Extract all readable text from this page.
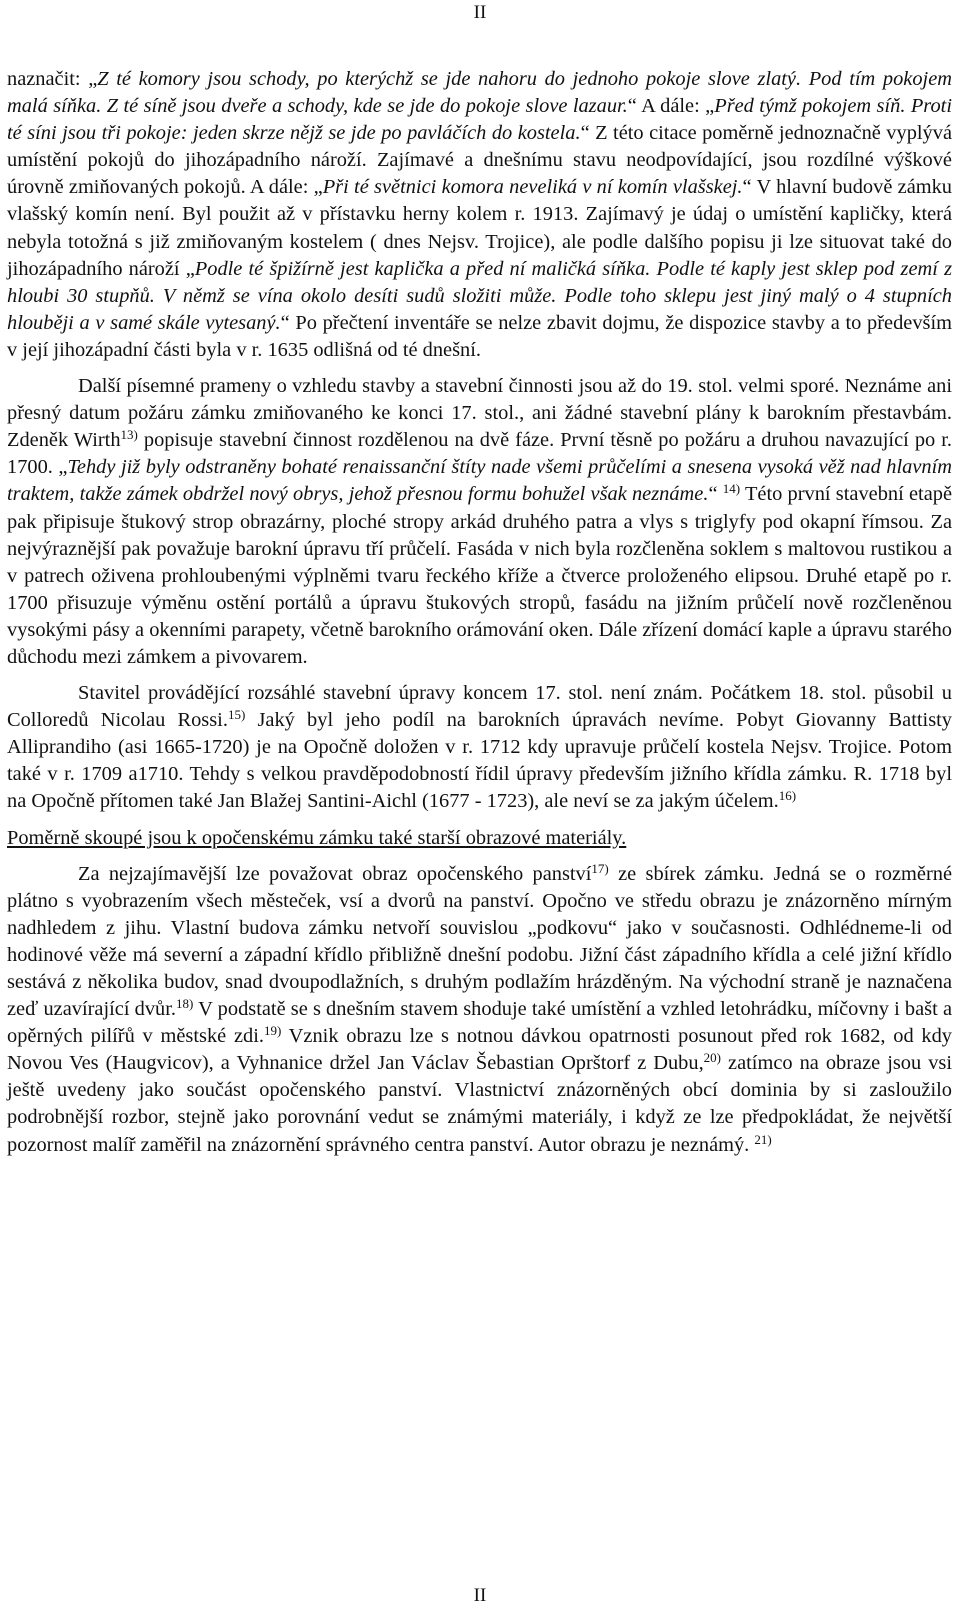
II

naznačit: „Z té komory jsou schody, po kterýchž se jde nahoru do jednoho pokoje slove zlatý. Pod tím pokojem malá síňka. Z té síně jsou dveře a schody, kde se jde do pokoje slove lazaur.“ A dále: „Před týmž pokojem síň. Proti té síni jsou tři pokoje: jeden skrze nějž se jde po pavláčích do kostela.“ Z této citace poměrně jednoznačně vyplývá umístění pokojů do jihozápadního nároží. Zajímavé a dnešnímu stavu neodpovídající, jsou rozdílné výškové úrovně zmiňovaných pokojů. A dále: „Při té světnici komora neveliká v ní komín vlašskej.“ V hlavní budově zámku vlašský komín není. Byl použit až v přístavku herny kolem r. 1913. Zajímavý je údaj o umístění kapličky, která nebyla totožná s již zmiňovaným kostelem ( dnes Nejsv. Trojice), ale podle dalšího popisu ji lze situovat také do jihozápadního nároží „Podle té špižírně jest kaplička a před ní maličká síňka. Podle té kaply jest sklep pod zemí z hloubi 30 stupňů. V němž se vína okolo desíti sudů složiti může. Podle toho sklepu jest jiný malý o 4 stupních hlouběji a v samé skále vytesaný.“ Po přečtení inventáře se nelze zbavit dojmu, že dispozice stavby a to především v její jihozápadní části byla v r. 1635 odlišná od té dnešní.

Další písemné prameny o vzhledu stavby a stavební činnosti jsou až do 19. stol. velmi sporé. Neznáme ani přesný datum požáru zámku zmiňovaného ke konci 17. stol., ani žádné stavební plány k barokním přestavbám. Zdeněk Wirth$^{13)}$ popisuje stavební činnost rozdělenou na dvě fáze. První těsně po požáru a druhou navazující po r. 1700. „Tehdy již byly odstraněny bohaté renaissanční štíty nade všemi průčelími a snesena vysoká věž nad hlavním traktem, takže zámek obdržel nový obrys, jehož přesnou formu bohužel však neznáme.“ $^{14)}$ Této první stavební etapě pak připisuje štukový strop obrazárny, ploché stropy arkád druhého patra a vlys s triglyfy pod okapní římsou. Za nejvýraznější pak považuje barokní úpravu tří průčelí. Fasáda v nich byla rozčleněna soklem s maltovou rustikou a v patrech oživena prohloubenými výplněmi tvaru řeckého kříže a čtverce proloženého elipsou. Druhé etapě po r. 1700 přisuzuje výměnu ostění portálů a úpravu štukových stropů, fasádu na jižním průčelí nově rozčleněnou vysokými pásy a okenními parapety, včetně barokního orámování oken. Dále zřízení domácí kaple a úpravu starého důchodu mezi zámkem a pivovarem.

Stavitel provádějící rozsáhlé stavební úpravy koncem 17. stol. není znám. Počátkem 18. stol. působil u Colloredů Nicolau Rossi.$^{15)}$ Jaký byl jeho podíl na barokních úpravách nevíme. Pobyt Giovanny Battisty Alliprandiho (asi 1665-1720) je na Opočně doložen v r. 1712 kdy upravuje průčelí kostela Nejsv. Trojice. Potom také v r. 1709 a1710. Tehdy s velkou pravděpodobností řídil úpravy především jižního křídla zámku. R. 1718 byl na Opočně přítomen také Jan Blažej Santini-Aichl (1677 - 1723), ale neví se za jakým účelem.$^{16)}$

Poměrně skoupé jsou k opočenskému zámku také starší obrazové materiály.

Za nejzajímavější lze považovat obraz opočenského panství$^{17)}$ ze sbírek zámku. Jedná se o rozměrné plátno s vyobrazením všech městeček, vsí a dvorů na panství. Opočno ve středu obrazu je znázorněno mírným nadhledem z jihu. Vlastní budova zámku netvoří souvislou „podkovu“ jako v současnosti. Odhlédneme-li od hodinové věže má severní a západní křídlo přibližně dnešní podobu. Jižní část západního křídla a celé jižní křídlo sestává z několika budov, snad dvoupodlažních, s druhým podlažím hrázděným. Na východní straně je naznačena zeď uzavírající dvůr.$^{18)}$ V podstatě se s dnešním stavem shoduje také umístění a vzhled letohrádku, míčovny i bašt a opěrných pilířů v městské zdi.$^{19)}$ Vznik obrazu lze s notnou dávkou opatrnosti posunout před rok 1682, od kdy Novou Ves (Haugvicov), a Vyhnanice držel Jan Václav Šebastian Oprštorf z Dubu,$^{20)}$ zatímco na obraze jsou vsi ještě uvedeny jako součást opočenského panství. Vlastnictví znázorněných obcí dominia by si zasloužilo podrobnější rozbor, stejně jako porovnání vedut se známými materiály, i když ze lze předpokládat, že největší pozornost malíř zaměřil na znázornění správného centra panství. Autor obrazu je neznámý. $^{21)}$

II
